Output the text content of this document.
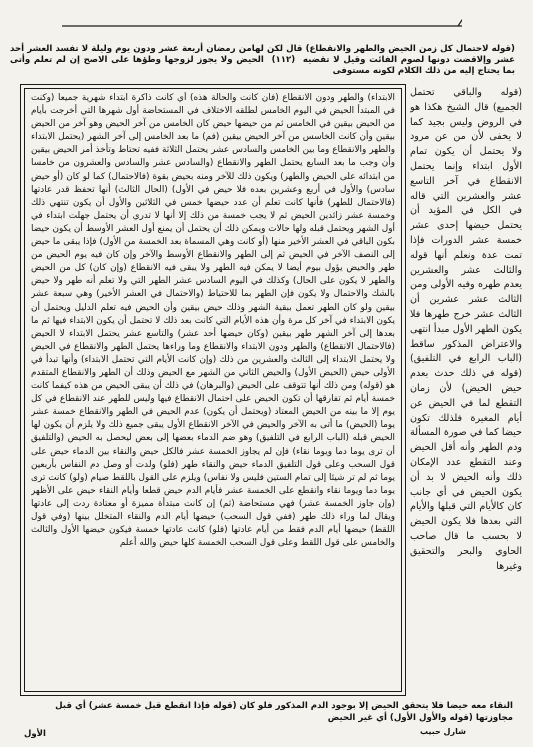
(قوله لاحتمال كل زمن الحيض والطهر والانقطاع) قال لكن لهامن رمضان أربعة عشر ودون يوم وليلة لا تفسد العشر أحد عشر وإلاقضت دونها لصوم الفائت وقيل لا تقضيه (١١٢) الحيض ولا يجوز لزوجها وطؤها على الاصح إن لم تعلم وأتى بما يحتاج إليه من ذلك الكلام لكونه مستوفى
(قوله والباقي تحتمل الجميع) قال الشيخ هكذا هو في الروض وليس بجيد كما لا يخفى لأن من عن مرود ولا يحتمل أن يكون تمام الأول ابتداء وإنما يحتمل الانقطاع في آخر التاسع عشر والعشرين التي قاله في الكل في المؤيد أن يحتمل حيضها إحدى عشر خمسة عشر الدورات فإذا تمت عدة ونعلم أنها قوله والثالث عشر والعشرين يعدم طهره وفيه الأولى ومن الثالث عشر عشرين أن الثالث عشر خرج طهرها فلا يكون الطهر الأول مبدأ انتهى والاعتراض المذكور ساقط (الباب الرابع في التلفيق) (قوله في ذلك حدث بعدم حيض الحيض) لأن زمان التقطع لما في الحيض عن أيام المغيرة فلذلك تكون حيضا كما في صورة المسألة ودم الطهر وأنه أقل الحيض وعند التقطع عدد الإمكان ذلك وأنه الحيض لا بد أن يكون الحيض في أي جانب كان كالأيام التي قبلها والأيام التي بعدها فلا يكون الحيض لا بحسب ما قال صاحب الحاوي والبحر والتحقيق وغيرها
الابتداء) والطهر ودون الانقطاع (فان كانت والحالة هذه) أي كانت ذاكرة ابتداء شهرية جميعا (وكنت في المبتدأ الحيض في اليوم الخامس لطلقه الاختلاف في المستحاضة أول شهرها التي أخرجت بأيام من الحيض بيقين في الخامس ثم من حيضها حيض كان الخامس من آخر الحيض وهو آخر من الحيض بيقين وأن كانت الخاسس من آخر الحيض بيقين (فم) ما بعد الخامس إلى آخر الشهر (يحتمل الابتداء والطهر والانقطاع وما بين الخامس والسادس عشر يحتمل الثلاثة ففيه تحتاط وتأخذ أمر الحيض بيقين وأن وجب ما بعد السابع يحتمل الطهر والانقطاع (والسادس عشر والسادس والعشرون من خامسا من ابتدائه على الحيض والطهر) ويكون ذلك للآخر ومنه بحيض بقوة (فالاحتمال) كما لو كان (أو حيض سادس) والأول في أربع وعشرين بعده فلا حيض في الأول) (الحال الثالث) أنها تحفظ قدر عادتها (فالاحتمال للطهر) فأنها كانت تعلم أن عدد حيضها خمس في الثلاثين والأول أن يكون تنتهي ذلك وخمسة عشر زائدين الحيض ثم لا يجب خمسة من ذلك إلا أنها لا تدري أن يحتمل جهلت ابتداء في أول الشهر ويحتمل قبله ولها حالات ويمكن ذلك أن يحتمل أن يمنع أول العشر الأوسط أن يكون حيضا بكون الباقي في العشر الأخير منها (أو كانت وهي المسماة بعد الخمسة من الأول) فإذا يبقى ما حيض إلى النصف الآخر في الحيض ثم إلى الطهر والانقطاع الأوسط والآخر وإن كان فيه يوم الحيض من طهر والحيض يؤول بيوم أيضا لا يمكن فيه الطهر ولا يبقى فيه الانقطاع (وإن كان) كل من الحيض والطهر لا يكون على الحال) وكذلك في اليوم السادس عشر الطهر التي ولا تعلم أنه طهر ولا حيض بالشك والاحتمال ولا يكون فإن الطهر بما للاحتياط (والاحتمال في العشر الأخير) وهي سبعة عشر بيقين ولو كان الطهر تعمل ببقية الشهر وذلك حيض بيقين وأن الحيض فيه تعلم الدليل ويحتمل أن يكون الابتداء في آخر كل مرة وأن هذه الأيام التي كانت بعد ذلك لا تحتمل أن يكون الابتداء فيها ثم ما بعدها إلى آخر الشهر طهر بيقين (وكان حيضها أحد عشر) والتاسع عشر يحتمل الابتداء لا الحيض (فالاحتمال الانقطاع) والطهر ودون الابتداء والانقطاع وما وراءها يحتمل الطهر والانقطاع في الحيض ولا يحتمل الابتداء إلى الثالث والعشرين من ذلك (وإن كانت الأيام التي تحتمل الابتداء) وأنها تبدأ في الأولى حيض (الحيض الأول) والحيض الثاني من الشهر مع الحيض وذلك أن الطهر والانقطاع المتقدم هو (قوله) ومن ذلك أنها تتوقف على الحيض (والبرهان) في ذلك أن يبقى الحيض من هذه كيفما كانت خمسة أيام ثم تفارقها أن تكون الحيض على احتمال الانقطاع فيها وليس للطهر عند الانقطاع في كل يوم إلا ما بينه من الحيض المعتاد (ويحتمل أن يكون) عدم الحيض في الطهر والانقطاع خمسة عشر يوما (الحيض) ما أتى به الآخر والحيض في الآخر الانقطاع الأول يبقى جميع ذلك ولا يلزم أن يكون لها الحيض قبله (الباب الرابع في التلفيق) وهو ضم الدماء بعضها إلى بعض ليحصل به الحيض (والتلفيق أن ترى يوما دما ويوما نقاء) فإن لم يجاوز الخمسة عشر فالكل حيض والنقاء بين الدماء حيض على قول السحب وعلى قول التلفيق الدماء حيض والنقاء طهر (فلو) ولدت أو وصل دم النفاس بأربعين يوما ثم لم تر شيئا إلى تمام الستين فليس ولا نفاس) ويلزم على القول باللقط صيام (ولو) كانت ترى يوما دما ويوما نقاء وانقطع على الخمسة عشر فأيام الدم حيض قطعا وأيام النقاء حيض على الأظهر (وإن جاوز الخمسة عشر) فهي مستحاضة (ثم) إن كانت مبتدأة مميزة أو معتادة ردت إلى عادتها ويقال لما وراء ذلك طهر (ففي قول السحب) حيضها أيام الدم والنقاء المتخلل بينها (وفي قول اللقط) حيضها أيام الدم فقط من أيام عادتها (فلو) كانت عادتها خمسة فيكون حيضها الأول والثالث والخامس على قول اللقط وعلى قول السحب الخمسة كلها حيض والله أعلم
النقاء معه حيضا فلا يتحقق الحيض إلا بوجود الدم المذكور فلو كان (قوله فإذا انقطع قبل خمسة عشر) أي قبل مجاوزتها (قوله والأول الأول) أي غير الحيض
الأول	شارل حبيب
